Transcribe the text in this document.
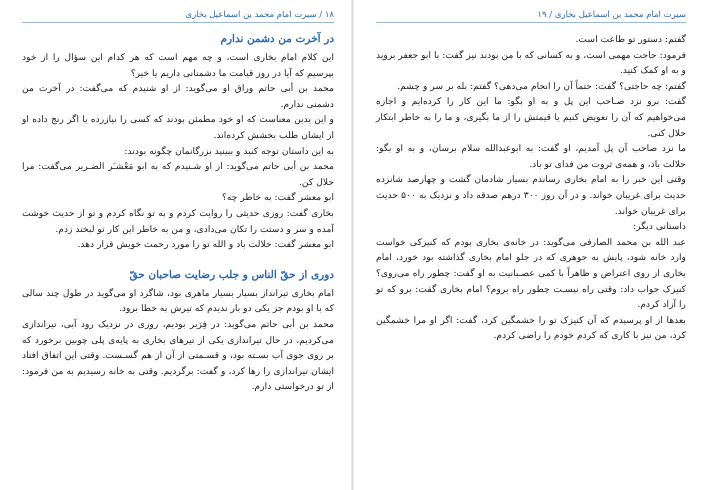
۱۸ / سیرت امام محمد بن اسماعیل بخاری
در آخرت من دشمن ندارم

این کلام امام بخاری است، و چه مهم است که هر کدام این سؤال را از خود بپرسیم که آیا در روز قیامت ما دشمنانی داریم یا خیر؟

محمد بن أبی حاتم وراق او می‌گوید: از او شنیدم که می‌گفت: در آخرت من دشمنی ندارم.

و این بدین معناست که او خود مطمئن بودند که کسی را نیازرده یا اگر رنج داده او از ایشان طلب بخشش کرده‌اند.

به این داستان توجه کنید و ببینید بزرگانمان چگونه بودند:

محمد بن أبی حاتم می‌گوید: از او شـنیدم که به ابو مَعْشـَر الضـریر می‌گفت: مرا حلال کن.

ابو معشر گفت: به خاطر چه؟

بخاری گفت: روزی حدیثی را روایت کردم و به تو نگاه کردم و تو از حدیث خوشت آمده و سر و دستت را تکان می‌دادی، و من به خاطر این کار تو لبخند زدم.

ابو معشر گفت: حلالت باد و الله تو را مورد رحمت خویش قرار دهد.

دوری از حقّ الناس و جلب رضایت صاحبان حقّ

امام بخاری تیرانداز بسیار بسیار ماهری بود، شاگرد او می‌گوید در طول چند سالی که با او بودم جز یکی دو بار ندیدم که تیرش به خطا برود.

محمد بن أبی حاتم می‌گوید: در فِرَبر بودیم، روزی در نزدیک رود آبی، تیراندازی می‌کردیم، در حال تیراندازی یکی از تیرهای بخاری به پایه‌ی پلی چوبین برخورد که بر روی جوی آب بسـته بود، و قسـمتی از آن از هم گسـست. وقتی این اتفاق افتاد ایشان تیراندازی را رها کرد، و گفت: برگردیم. وقتی به خانه رسیدیم به من فرمود: از تو درخواستی دارم.

سیرت امام محمد بن اسماعیل بخاری / ۱۹

گفتم: دستور تو طاعت است.

فرمود: حاجت مهمی است، و به کسانی که با من بودند نیز گفت: با ابو جعفر بروید و به او کمک کنید.

گفتم: چه حاجتی؟ گفت: حتماً آن را انجام می‌دهی؟ گفتم: بله بر سر و چشم.

گفت: برو نزد صـاحب این پل و به او بگو: ما این کار را کرده‌ایم و اجازه می‌خواهیم که آن را تعویض کنیم یا قیمتش را از ما بگیری، و ما را به خاطر ابتکار حلال کنی.

ما نزد صاحب آن پل آمدیم، او گفت: به ابوعبدالله سلام برسان، و به او بگو: حلالت باد، و همه‌ی ثروت من فدای تو باد.

وقتی این خبر را به امام بخاری رساندم بسیار شادمان گشت و چهارصد شانزده حدیث برای غریبان خواند. و در آن روز ۳۰۰ درهم صدقه داد و نزدیک به ۵۰۰ حدیث برای غریبان خواند.

داستانی دیگر:

عبد الله بن محمد الصارفی می‌گوید: در خانه‌ی بخاری بودم که کنیزکی خواست وارد خانه شود، پایش به جوهری که در جلو امام بخاری گذاشته بود خورد، امام بخاری از روی اعتراض و ظاهراً با کمی عصـبانیت به او گفت: چطور راه می‌روی؟ کنیزک جواب داد: وقتی راه نیسـت چطور راه بروم؟ امام بخاری گفت: برو که تو را آزاد کردم.

بعدها از او پرسیدم که آن کنیزک تو را خشمگین کرد، گفت: اگر او مرا خشمگین کرد، من نیز با کاری که کردم خودم را راضی کردم.
